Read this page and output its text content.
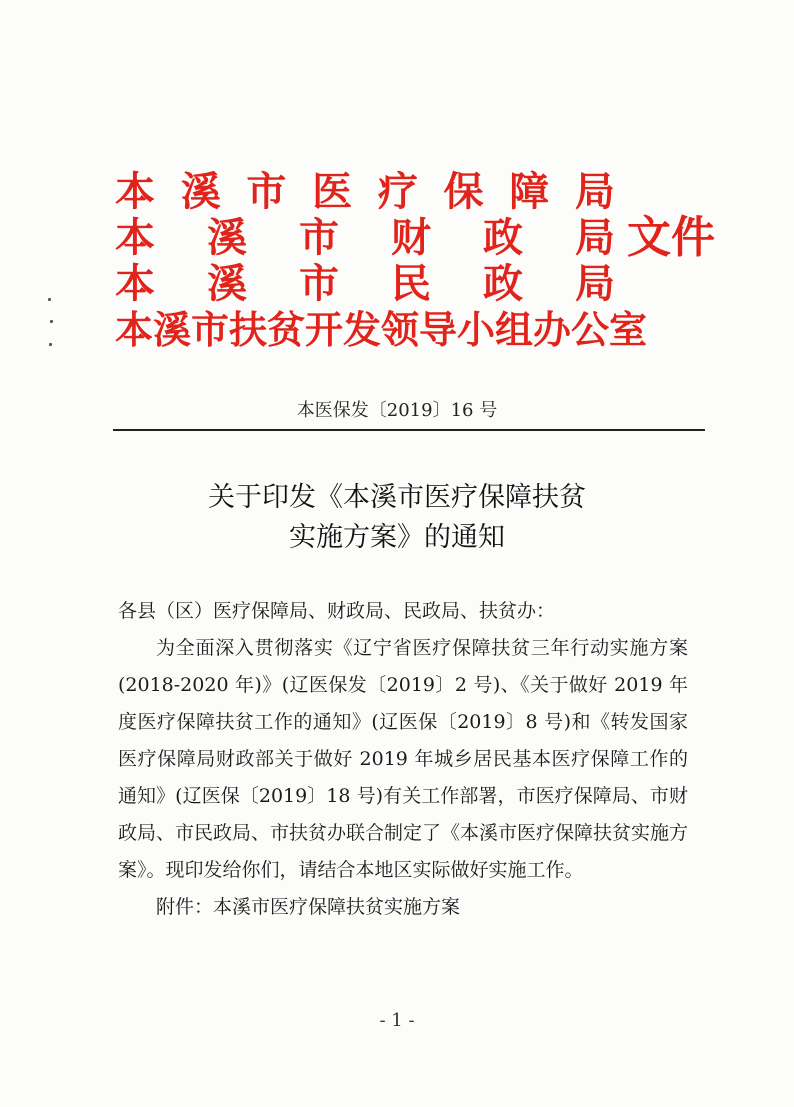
本 溪 市 医 疗 保 障 局
本 溪 市 财 政 局
本 溪 市 民 政 局
本溪市扶贫开发领导小组办公室
文件
本医保发〔2019〕16 号
关于印发《本溪市医疗保障扶贫
实施方案》的通知

各县（区）医疗保障局、财政局、民政局、扶贫办：

为全面深入贯彻落实《辽宁省医疗保障扶贫三年行动实施方案(2018-2020 年)》(辽医保发〔2019〕2 号)、《关于做好 2019 年度医疗保障扶贫工作的通知》(辽医保〔2019〕8 号)和《转发国家医疗保障局财政部关于做好 2019 年城乡居民基本医疗保障工作的通知》(辽医保〔2019〕18 号)有关工作部署，市医疗保障局、市财政局、市民政局、市扶贫办联合制定了《本溪市医疗保障扶贫实施方案》。现印发给你们，请结合本地区实际做好实施工作。

附件：本溪市医疗保障扶贫实施方案

- 1 -
